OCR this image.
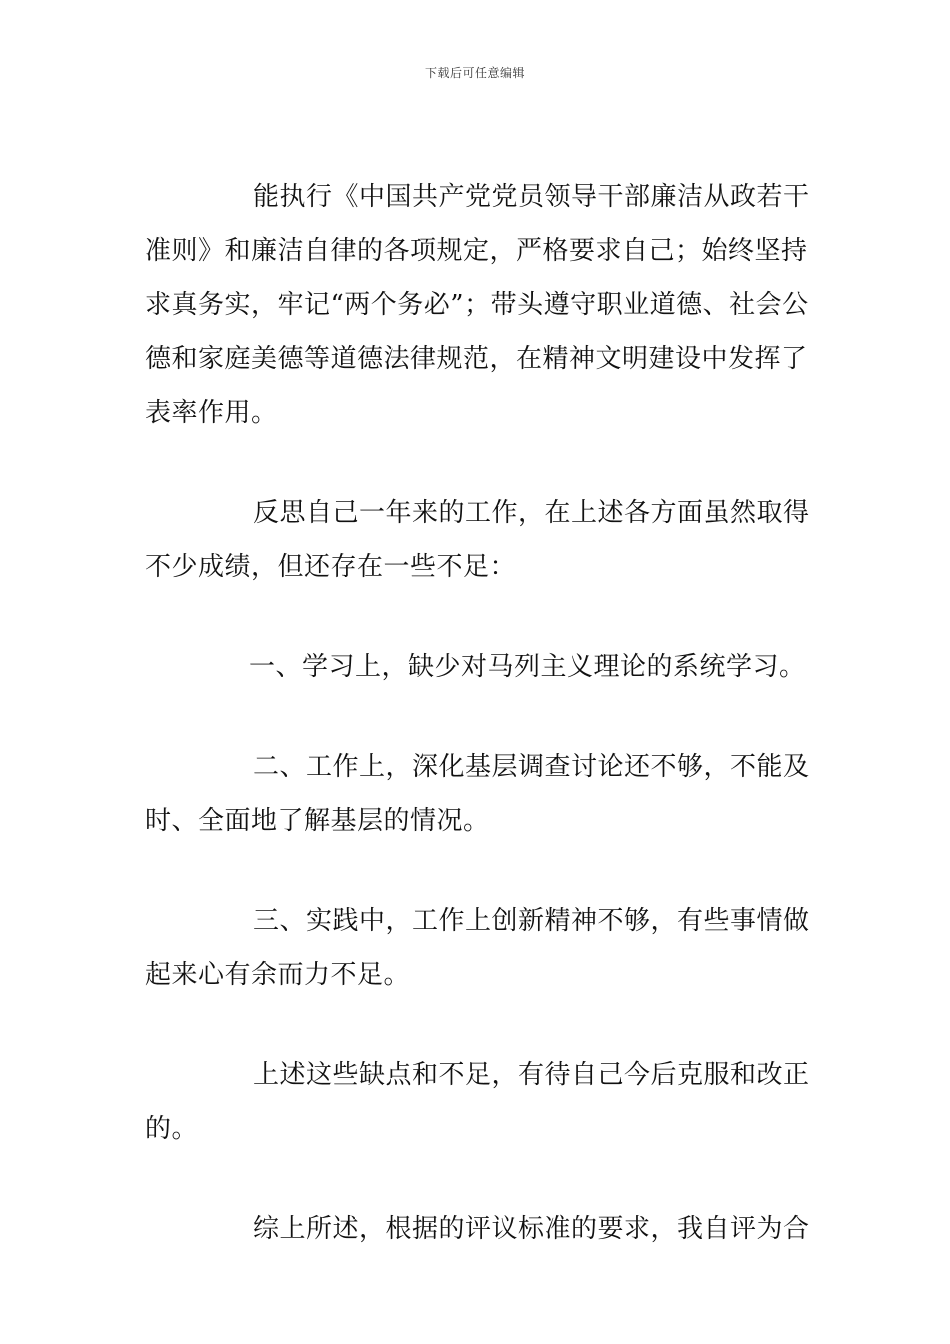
下载后可任意编辑

能执行《中国共产党党员领导干部廉洁从政若干准则》和廉洁自律的各项规定，严格要求自己；始终坚持求真务实，牢记“两个务必”；带头遵守职业道德、社会公德和家庭美德等道德法律规范，在精神文明建设中发挥了表率作用。

反思自己一年来的工作，在上述各方面虽然取得不少成绩，但还存在一些不足：

一、学习上，缺少对马列主义理论的系统学习。

二、工作上，深化基层调查讨论还不够，不能及时、全面地了解基层的情况。

三、实践中，工作上创新精神不够，有些事情做起来心有余而力不足。

上述这些缺点和不足，有待自己今后克服和改正的。

综上所述，根据的评议标准的要求，我自评为合
